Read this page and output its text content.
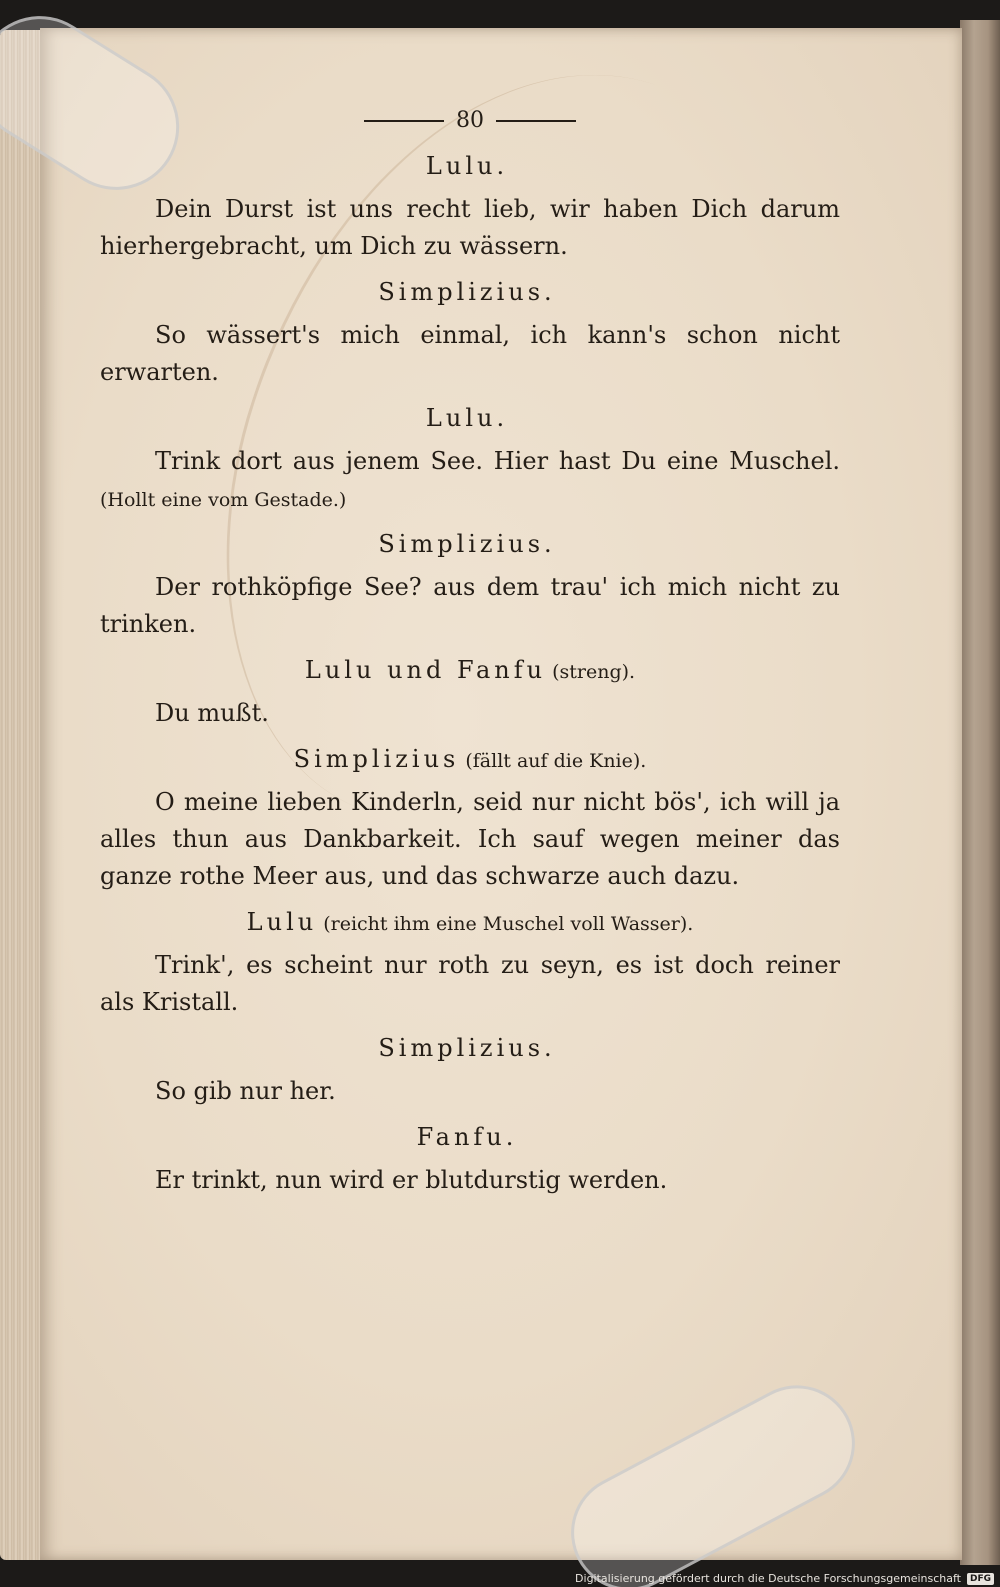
80
Lulu.

Dein Durst ist uns recht lieb, wir haben Dich darum hierhergebracht, um Dich zu wässern.

Simplizius.

So wässert's mich einmal, ich kann's schon nicht erwarten.

Lulu.

Trink dort aus jenem See. Hier hast Du eine Muschel. (Hollt eine vom Gestade.)

Simplizius.

Der rothköpfige See? aus dem trau' ich mich nicht zu trinken.

Lulu und Fanfu (streng).

Du mußt.

Simplizius (fällt auf die Knie).

O meine lieben Kinderln, seid nur nicht bös', ich will ja alles thun aus Dankbarkeit. Ich sauf wegen meiner das ganze rothe Meer aus, und das schwarze auch dazu.

Lulu (reicht ihm eine Muschel voll Wasser).

Trink', es scheint nur roth zu seyn, es ist doch reiner als Kristall.

Simplizius.

So gib nur her.

Fanfu.

Er trinkt, nun wird er blutdurstig werden.

Digitalisierung gefördert durch die Deutsche Forschungsgemeinschaft	DFG
